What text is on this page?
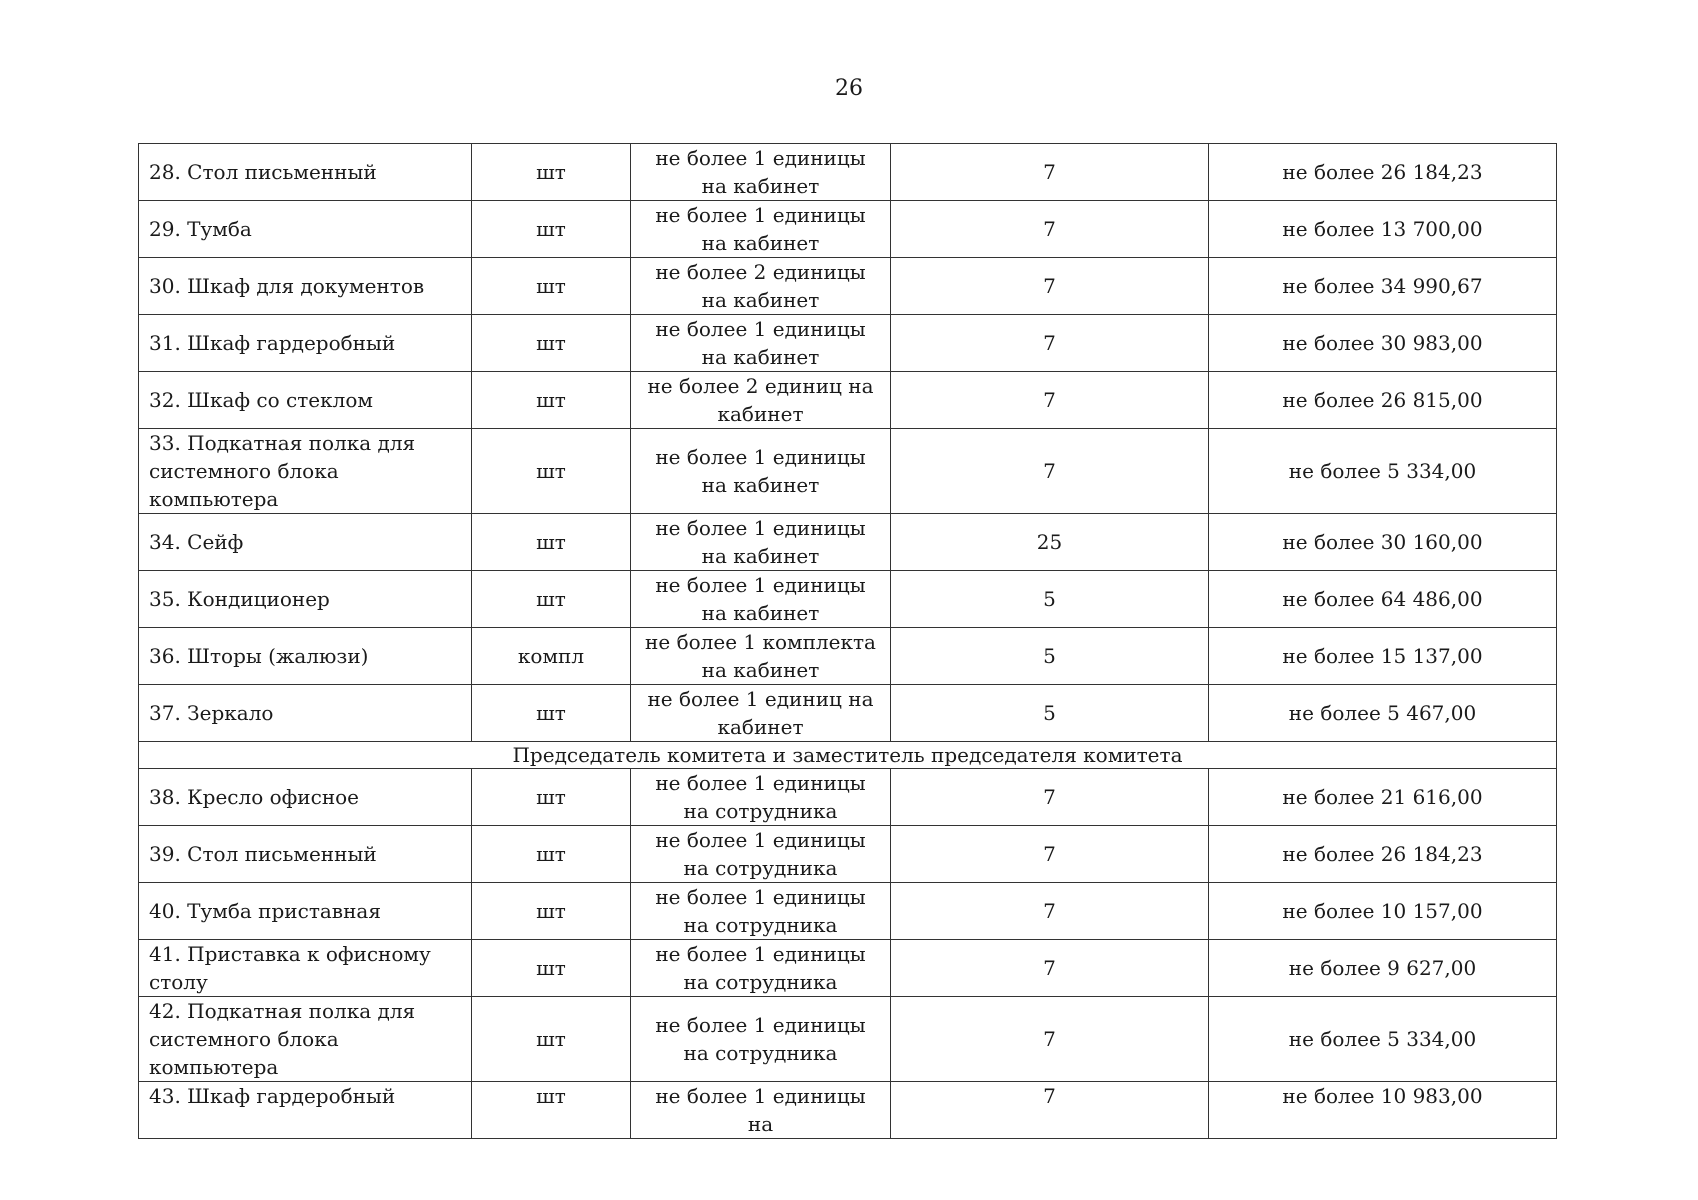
26
28. Стол письменный	шт	не более 1 единицы на кабинет	7	не более 26 184,23
29. Тумба	шт	не более 1 единицы на кабинет	7	не более 13 700,00
30. Шкаф для документов	шт	не более 2 единицы на кабинет	7	не более 34 990,67
31. Шкаф гардеробный	шт	не более 1 единицы на кабинет	7	не более 30 983,00
32. Шкаф со стеклом	шт	не более 2 единиц на кабинет	7	не более 26 815,00
33. Подкатная полка для системного блока компьютера	шт	не более 1 единицы на кабинет	7	не более 5 334,00
34. Сейф	шт	не более 1 единицы на кабинет	25	не более 30 160,00
35. Кондиционер	шт	не более 1 единицы на кабинет	5	не более 64 486,00
36. Шторы (жалюзи)	компл	не более 1 комплекта на кабинет	5	не более 15 137,00
37. Зеркало	шт	не более 1 единиц на кабинет	5	не более 5 467,00
Председатель комитета и заместитель председателя комитета				
38. Кресло офисное	шт	не более 1 единицы на сотрудника	7	не более 21 616,00
39. Стол письменный	шт	не более 1 единицы на сотрудника	7	не более 26 184,23
40. Тумба приставная	шт	не более 1 единицы на сотрудника	7	не более 10 157,00
41. Приставка к офисному столу	шт	не более 1 единицы на сотрудника	7	не более 9 627,00
42. Подкатная полка для системного блока компьютера	шт	не более 1 единицы на сотрудника	7	не более 5 334,00
43. Шкаф гардеробный	шт	не более 1 единицы на	7	не более 10 983,00
